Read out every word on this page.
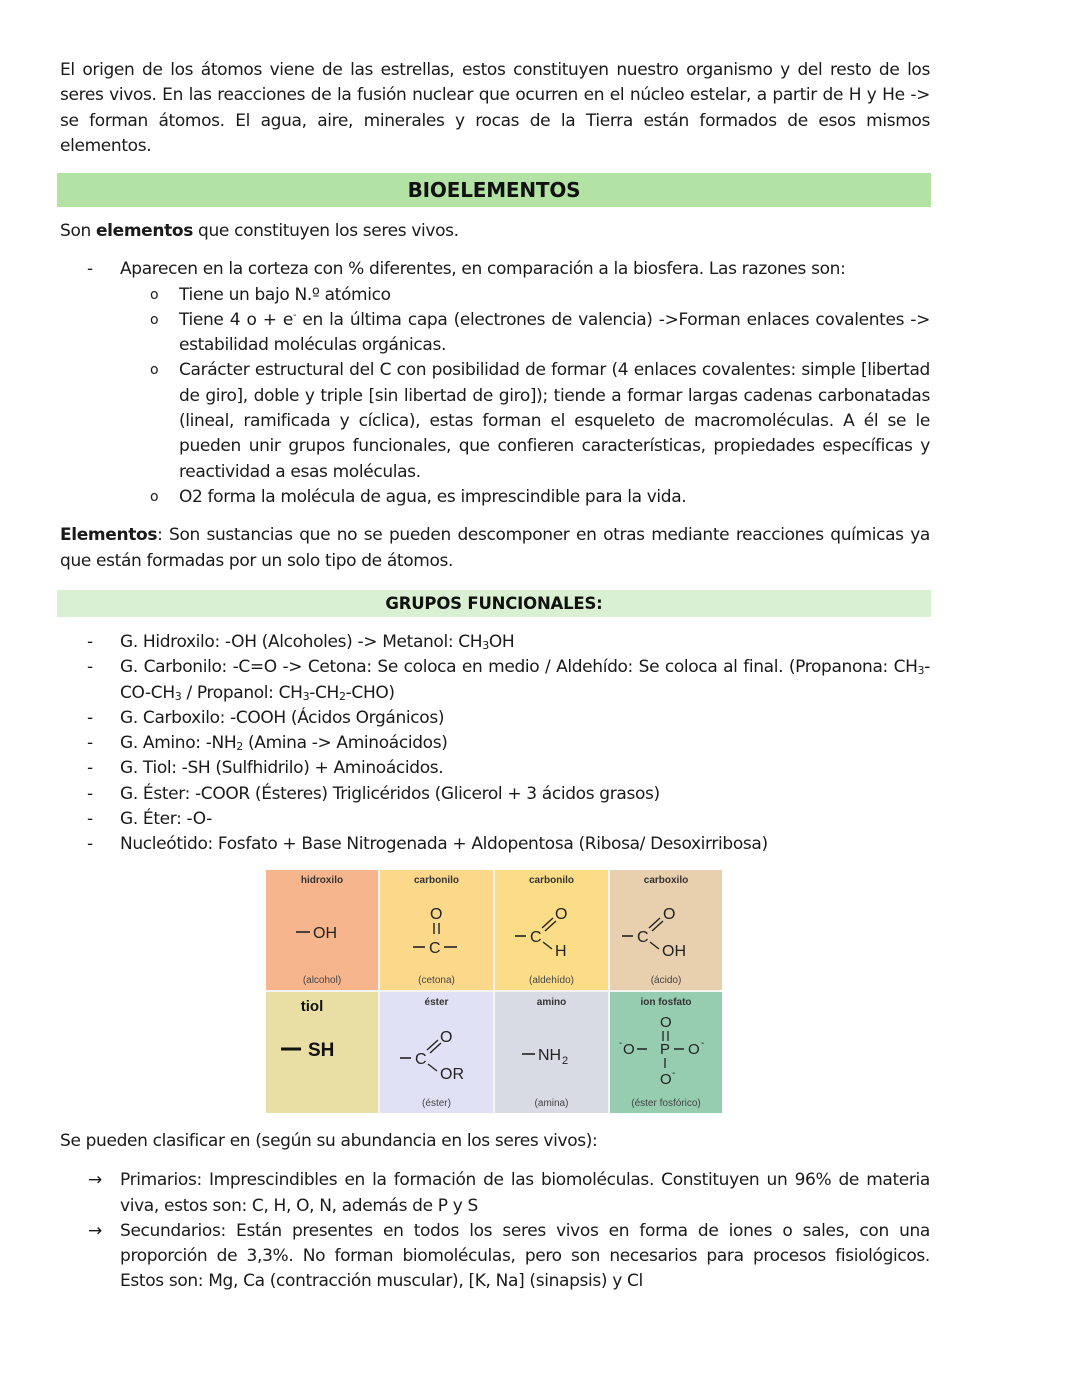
El origen de los átomos viene de las estrellas, estos constituyen nuestro organismo y del resto de los seres vivos. En las reacciones de la fusión nuclear que ocurren en el núcleo estelar, a partir de H y He -> se forman átomos. El agua, aire, minerales y rocas de la Tierra están formados de esos mismos elementos.

BIOELEMENTOS

Son elementos que constituyen los seres vivos.

- Aparecen en la corteza con % diferentes, en comparación a la biosfera. Las razones son:
o Tiene un bajo N.º atómico
o Tiene 4 o + e- en la última capa (electrones de valencia) ->Forman enlaces covalentes -> estabilidad moléculas orgánicas.
o Carácter estructural del C con posibilidad de formar (4 enlaces covalentes: simple [libertad de giro], doble y triple [sin libertad de giro]); tiende a formar largas cadenas carbonatadas (lineal, ramificada y cíclica), estas forman el esqueleto de macromoléculas. A él se le pueden unir grupos funcionales, que confieren características, propiedades específicas y reactividad a esas moléculas.
o O2 forma la molécula de agua, es imprescindible para la vida.

Elementos: Son sustancias que no se pueden descomponer en otras mediante reacciones químicas ya que están formadas por un solo tipo de átomos.

GRUPOS FUNCIONALES:
- G. Hidroxilo: -OH (Alcoholes) -> Metanol: $CH_3OH$
- G. Carbonilo: -C=O -> Cetona: Se coloca en medio / Aldehído: Se coloca al final. (Propanona: $CH_3-CO-CH_3$ / Propanol: $CH_3-CH_2-CHO$)
- G. Carboxilo: -COOH (Ácidos Orgánicos)
- G. Amino: $-NH_2$ (Amina -> Aminoácidos)
- G. Tiol: -SH (Sulfhidrilo) + Aminoácidos.
- G. Éster: -COOR (Ésteres) Triglicéridos (Glicerol + 3 ácidos grasos)
- G. Éter: -O-
- Nucleótido: Fosfato + Base Nitrogenada + Aldopentosa (Ribosa/ Desoxirribosa)
hidroxilo
OH
(alcohol)
carbonilo
O
C
(cetona)
carbonilo
C
O
H
(aldehído)
carboxilo
C
O
OH
(ácido)
tiol
SH
éster
C
O
OR
(éster)
amino
NH 2
(amina)
ion fosfato
O
- O P O -
O -
(éster fosfórico)

Se pueden clasificar en (según su abundancia en los seres vivos):

→ Primarios: Imprescindibles en la formación de las biomoléculas. Constituyen un 96% de materia viva, estos son: C, H, O, N, además de P y S
→ Secundarios: Están presentes en todos los seres vivos en forma de iones o sales, con una proporción de 3,3%. No forman biomoléculas, pero son necesarios para procesos fisiológicos. Estos son: Mg, Ca (contracción muscular), [K, Na] (sinapsis) y Cl
